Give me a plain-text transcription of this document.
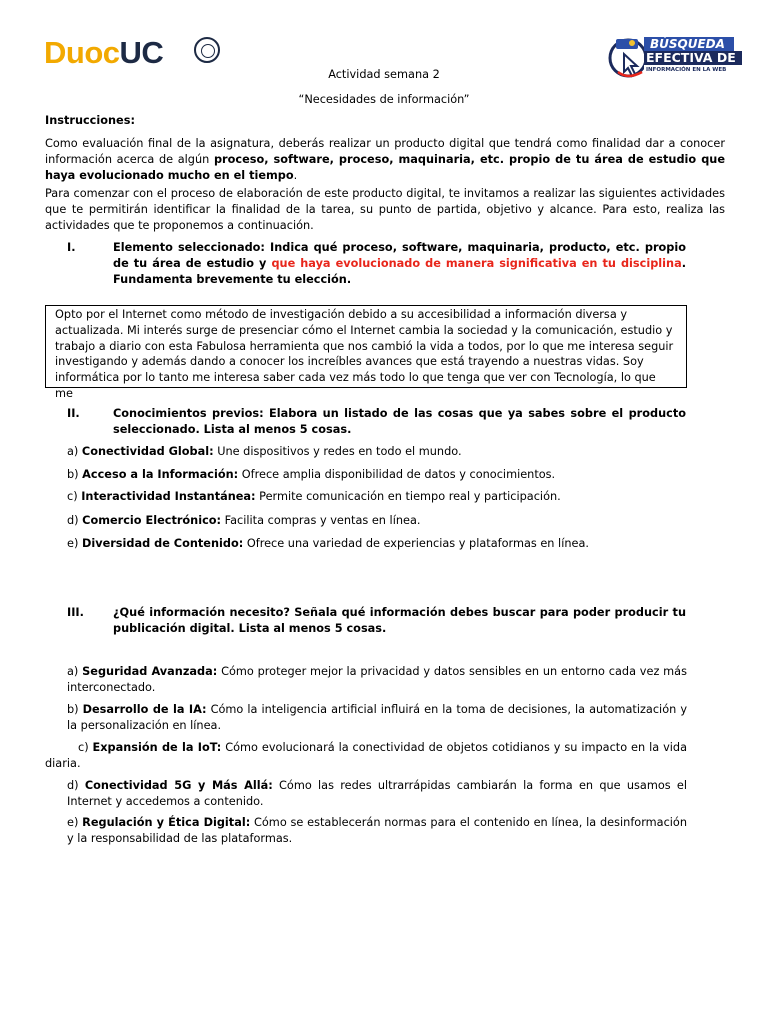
DuocUC	BÚSQUEDA
EFECTIVA DE
INFORMACIÓN EN LA WEB
Actividad semana 2
“Necesidades de información”
Instrucciones:
Como evaluación final de la asignatura, deberás realizar un producto digital que tendrá como finalidad dar a conocer información acerca de algún proceso, software, proceso, maquinaria, etc. propio de tu área de estudio que haya evolucionado mucho en el tiempo.
Para comenzar con el proceso de elaboración de este producto digital, te invitamos a realizar las siguientes actividades que te permitirán identificar la finalidad de la tarea, su punto de partida, objetivo y alcance. Para esto, realiza las actividades que te proponemos a continuación.
I.	Elemento seleccionado: Indica qué proceso, software, maquinaria, producto, etc. propio de tu área de estudio y que haya evolucionado de manera significativa en tu disciplina. Fundamenta brevemente tu elección.

Opto por el Internet como método de investigación debido a su accesibilidad a información diversa y actualizada. Mi interés surge de presenciar cómo el Internet cambia la sociedad y la comunicación, estudio y trabajo a diario con esta Fabulosa herramienta que nos cambió la vida a todos, por lo que me interesa seguir investigando y además dando a conocer los increíbles avances que está trayendo a nuestras vidas. Soy informática por lo tanto me interesa saber cada vez más todo lo que tenga que ver con Tecnología, lo que me

II.	Conocimientos previos: Elabora un listado de las cosas que ya sabes sobre el producto seleccionado. Lista al menos 5 cosas.
a) Conectividad Global: Une dispositivos y redes en todo el mundo.
b) Acceso a la Información: Ofrece amplia disponibilidad de datos y conocimientos.
c) Interactividad Instantánea: Permite comunicación en tiempo real y participación.
d) Comercio Electrónico: Facilita compras y ventas en línea.
e) Diversidad de Contenido: Ofrece una variedad de experiencias y plataformas en línea.
III.	¿Qué información necesito? Señala qué información debes buscar para poder producir tu publicación digital. Lista al menos 5 cosas.
a) Seguridad Avanzada: Cómo proteger mejor la privacidad y datos sensibles en un entorno cada vez más interconectado.
b) Desarrollo de la IA: Cómo la inteligencia artificial influirá en la toma de decisiones, la automatización y la personalización en línea.
c) Expansión de la IoT: Cómo evolucionará la conectividad de objetos cotidianos y su impacto en la vida diaria.
d) Conectividad 5G y Más Allá: Cómo las redes ultrarrápidas cambiarán la forma en que usamos el Internet y accedemos a contenido.
e) Regulación y Ética Digital: Cómo se establecerán normas para el contenido en línea, la desinformación y la responsabilidad de las plataformas.
